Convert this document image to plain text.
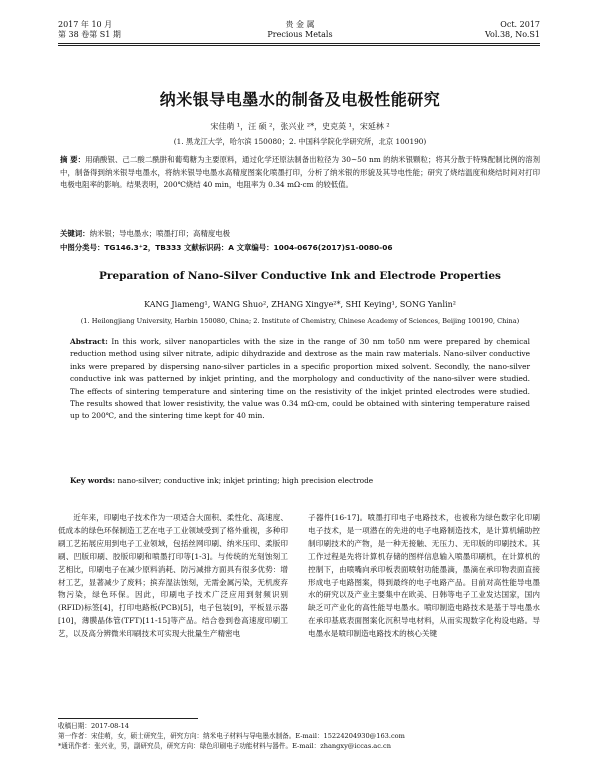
2017 年 10 月
第 38 卷第 S1 期
贵 金 属
Precious Metals
Oct. 2017
Vol.38, No.S1
纳米银导电墨水的制备及电极性能研究
宋佳萌 ¹，汪 硕 ²，张兴业 ²*，史克英 ¹，宋延林 ²
(1. 黑龙江大学，哈尔滨 150080；2. 中国科学院化学研究所，北京 100190)
摘 要：用硝酸银、己二酸二酰肼和葡萄糖为主要原料，通过化学还原法制备出粒径为 30~50 nm 的纳米银颗粒；将其分散于特殊配制比例的溶剂中，制备得到纳米银导电墨水，将纳米银导电墨水高精度图案化喷墨打印，分析了纳米银的形貌及其导电性能；研究了烧结温度和烧结时间对打印电极电阻率的影响。结果表明，200℃烧结 40 min，电阻率为 0.34 mΩ·cm 的较低值。
关键词：纳米银；导电墨水；喷墨打印；高精度电极
中图分类号：TG146.3⁺2，TB333 文献标识码：A 文章编号：1004-0676(2017)S1-0080-06
Preparation of Nano-Silver Conductive Ink and Electrode Properties
KANG Jiameng¹, WANG Shuo², ZHANG Xingye²*, SHI Keying¹, SONG Yanlin²
(1. Heilongjiang University, Harbin 150080, China; 2. Institute of Chemistry, Chinese Academy of Sciences, Beijing 100190, China)
Abstract: In this work, silver nanoparticles with the size in the range of 30 nm to50 nm were prepared by chemical reduction method using silver nitrate, adipic dihydrazide and dextrose as the main raw materials. Nano-silver conductive inks were prepared by dispersing nano-silver particles in a specific proportion mixed solvent. Secondly, the nano-silver conductive ink was patterned by inkjet printing, and the morphology and conductivity of the nano-silver were studied. The effects of sintering temperature and sintering time on the resistivity of the inkjet printed electrodes were studied. The results showed that lower resistivity, the value was 0.34 mΩ·cm, could be obtained with sintering temperature raised up to 200℃, and the sintering time kept for 40 min.
Key words: nano-silver; conductive ink; inkjet printing; high precision electrode
近年来，印刷电子技术作为一项适合大面积、柔性化、高速度、低成本的绿色环保制造工艺在电子工业领域受到了格外重视，多种印刷工艺拓展应用到电子工业领域，包括丝网印刷、纳米压印、柔版印刷、凹版印刷、胶版印刷和喷墨打印等[1-3]。与传统的光刻蚀刻工艺相比，印刷电子在减少原料消耗、防污减排方面具有很多优势：增材工艺，显著减少了废料；摈弃湿法蚀刻，无需金属污染，无机废弃物污染，绿色环保。因此，印刷电子技术广泛应用到射频识别(RFID)标签[4]，打印电路板(PCB)[5]，电子包装[9]，平板显示器[10]，薄膜晶体管(TFT)[11-15]等产品。结合卷到卷高速度印刷工艺，以及高分辨微米印刷技术可实现大批量生产精密电
子器件[16-17]。喷墨打印电子电路技术，也被称为绿色数字化印刷电子技术，是一项潜在的先进的电子电路制造技术，是计算机辅助控制印刷技术的产物，是一种无接触、无压力、无印版的印刷技术。其工作过程是先将计算机存储的图样信息输入喷墨印刷机，在计算机的控制下，由喷嘴向承印板表面喷射功能墨滴，墨滴在承印物表面直接形成电子电路图案，得到最终的电子电路产品。目前对高性能导电墨水的研究以及产业主要集中在欧美、日韩等电子工业发达国家，国内缺乏可产业化的高性能导电墨水。喷印制造电路技术是基于导电墨水在承印基底表面图案化沉积导电材料，从而实现数字化构设电路。导电墨水是喷印制造电路技术的核心关键
收稿日期：2017-08-14
第一作者：宋佳萌，女，硕士研究生，研究方向：纳米电子材料与导电墨水制备。E-mail：15224204930@163.com
*通讯作者：张兴业，男，副研究员，研究方向：绿色印刷电子功能材料与器件。E-mail：zhangxy@iccas.ac.cn
